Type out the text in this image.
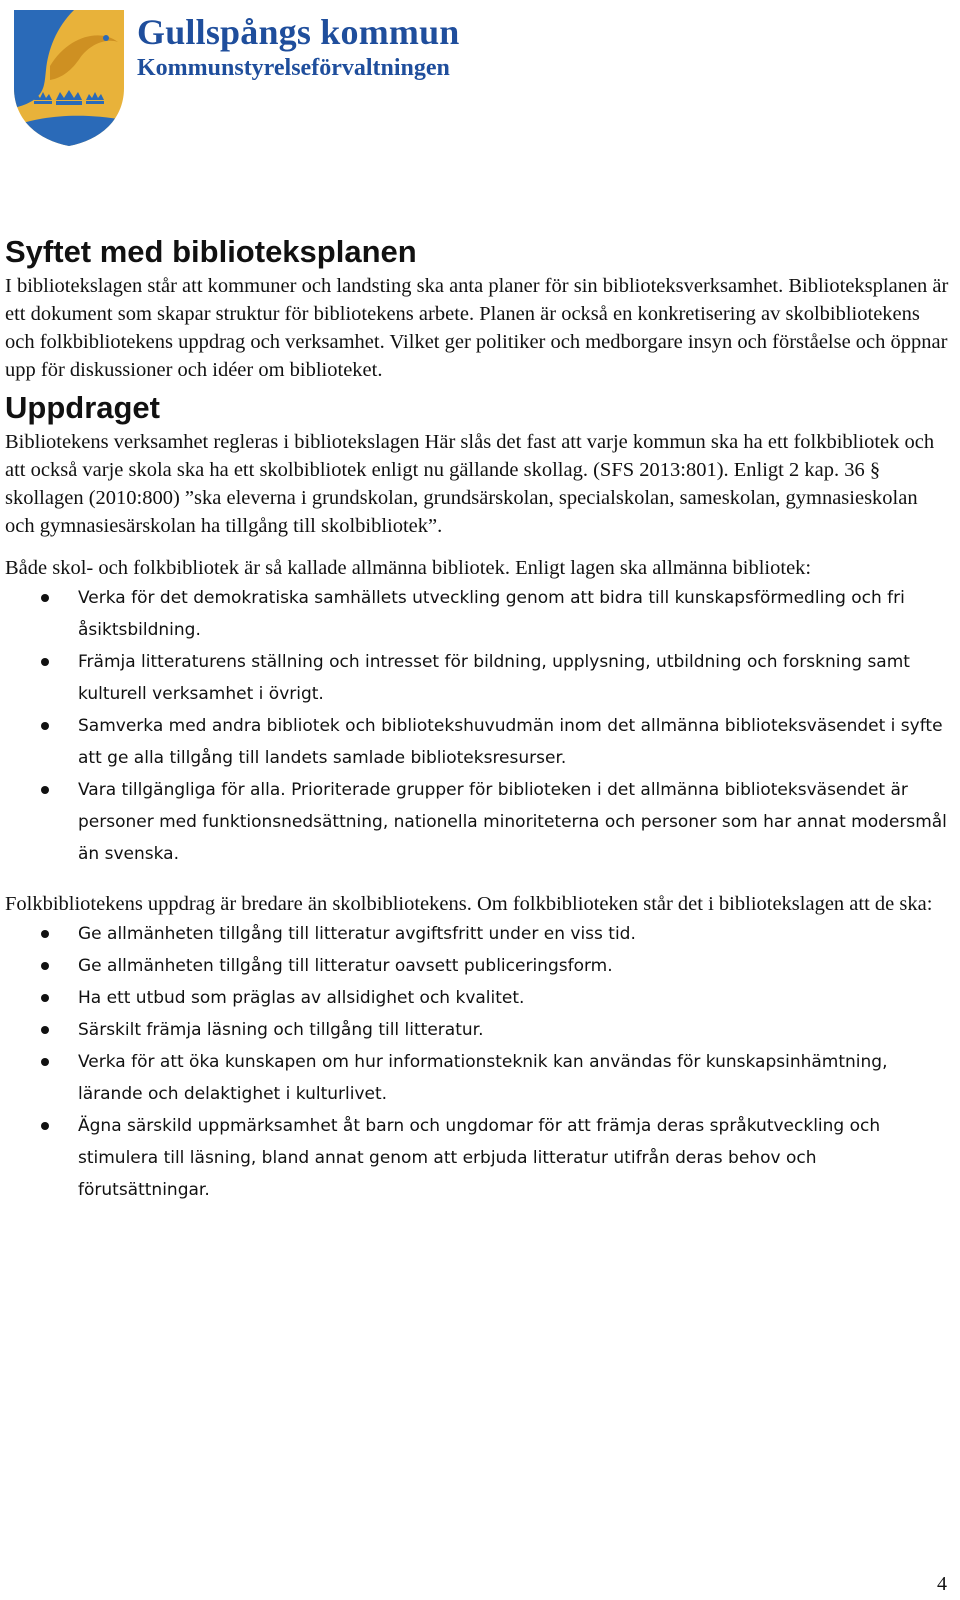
Gullspångs kommun
Kommunstyrelseförvaltningen
Syftet med biblioteksplanen

I bibliotekslagen står att kommuner och landsting ska anta planer för sin biblioteksverksamhet. Biblioteksplanen är ett dokument som skapar struktur för bibliotekens arbete. Planen är också en konkretisering av skolbibliotekens och folkbibliotekens uppdrag och verksamhet. Vilket ger politiker och medborgare insyn och förståelse och öppnar upp för diskussioner och idéer om biblioteket.

Uppdraget

Bibliotekens verksamhet regleras i bibliotekslagen Här slås det fast att varje kommun ska ha ett folkbibliotek och att också varje skola ska ha ett skolbibliotek enligt nu gällande skollag. (SFS 2013:801). Enligt 2 kap. 36 § skollagen (2010:800) ”ska eleverna i grundskolan, grundsärskolan, specialskolan, sameskolan, gymnasieskolan och gymnasiesärskolan ha tillgång till skolbibliotek”.

Både skol- och folkbibliotek är så kallade allmänna bibliotek. Enligt lagen ska allmänna bibliotek:

Verka för det demokratiska samhällets utveckling genom att bidra till kunskapsförmedling och fri åsiktsbildning.
Främja litteraturens ställning och intresset för bildning, upplysning, utbildning och forskning samt kulturell verksamhet i övrigt.
Samverka med andra bibliotek och bibliotekshuvudmän inom det allmänna biblioteksväsendet i syfte att ge alla tillgång till landets samlade biblioteksresurser.
Vara tillgängliga för alla. Prioriterade grupper för biblioteken i det allmänna biblioteksväsendet är personer med funktionsnedsättning, nationella minoriteterna och personer som har annat modersmål än svenska.

Folkbibliotekens uppdrag är bredare än skolbibliotekens. Om folkbiblioteken står det i bibliotekslagen att de ska:

Ge allmänheten tillgång till litteratur avgiftsfritt under en viss tid.
Ge allmänheten tillgång till litteratur oavsett publiceringsform.
Ha ett utbud som präglas av allsidighet och kvalitet.
Särskilt främja läsning och tillgång till litteratur.
Verka för att öka kunskapen om hur informationsteknik kan användas för kunskapsinhämtning, lärande och delaktighet i kulturlivet.
Ägna särskild uppmärksamhet åt barn och ungdomar för att främja deras språkutveckling och stimulera till läsning, bland annat genom att erbjuda litteratur utifrån deras behov och förutsättningar.
4
